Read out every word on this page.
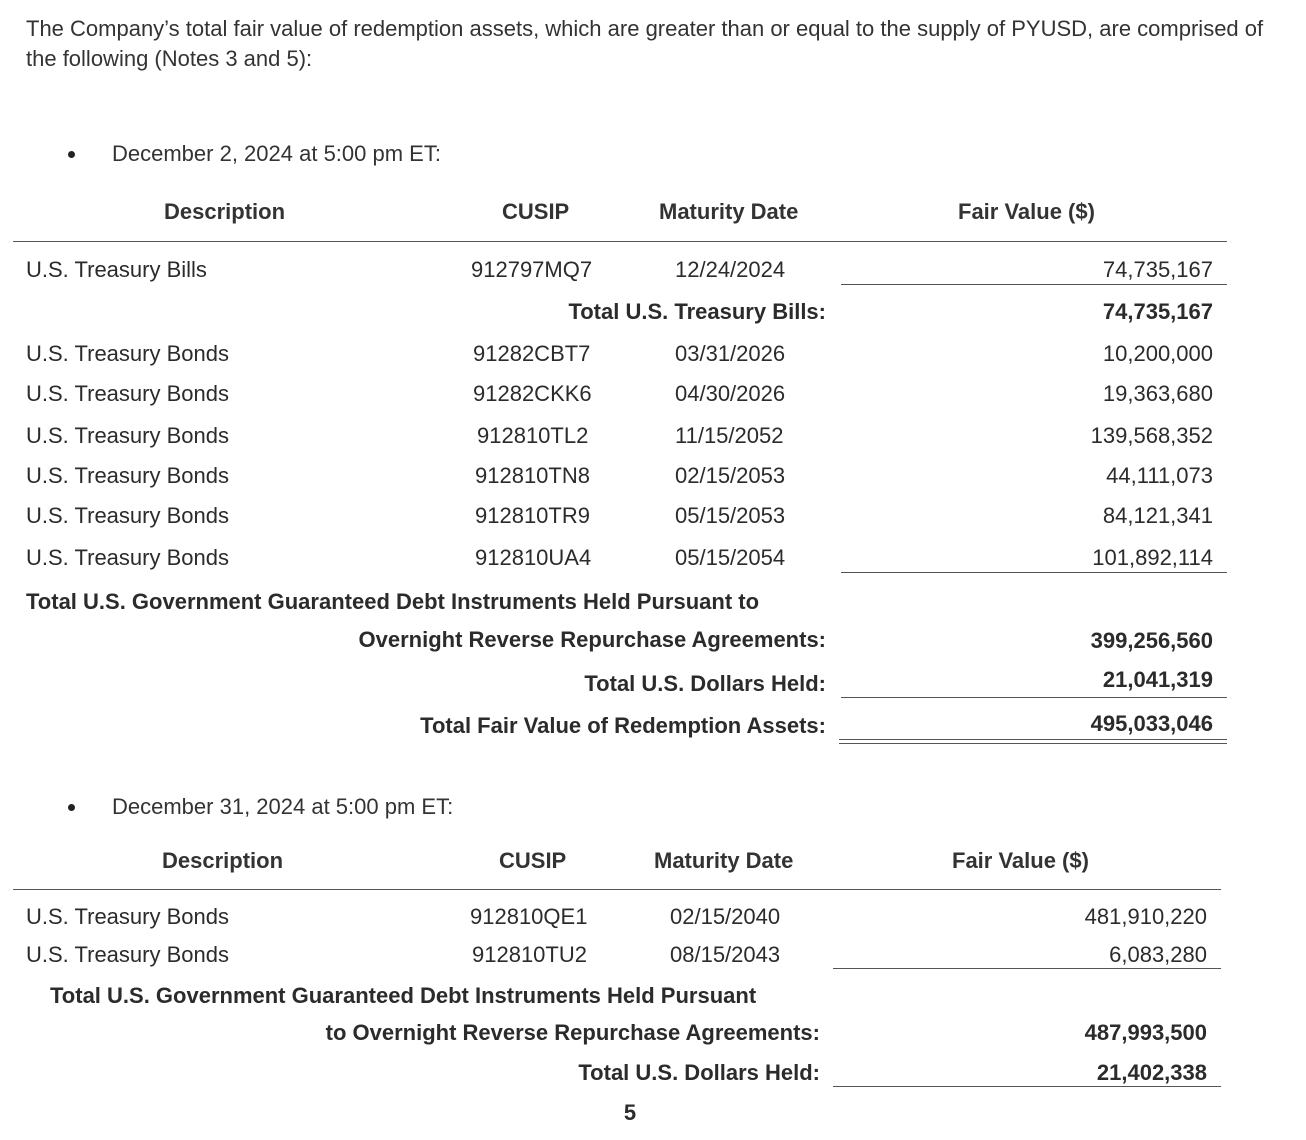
The Company’s total fair value of redemption assets, which are greater than or equal to the supply of PYUSD, are comprised of the following (Notes 3 and 5):
December 2, 2024 at 5:00 pm ET:
Description	CUSIP	Maturity Date	Fair Value ($)
U.S. Treasury Bills	912797MQ7	12/24/2024	74,735,167
Total U.S. Treasury Bills:	74,735,167
U.S. Treasury Bonds	91282CBT7	03/31/2026	10,200,000
U.S. Treasury Bonds	91282CKK6	04/30/2026	19,363,680
U.S. Treasury Bonds	912810TL2	11/15/2052	139,568,352
U.S. Treasury Bonds	912810TN8	02/15/2053	44,111,073
U.S. Treasury Bonds	912810TR9	05/15/2053	84,121,341
U.S. Treasury Bonds	912810UA4	05/15/2054	101,892,114
Total U.S. Government Guaranteed Debt Instruments Held Pursuant to
Overnight Reverse Repurchase Agreements:	399,256,560
Total U.S. Dollars Held:	21,041,319
Total Fair Value of Redemption Assets:	495,033,046
December 31, 2024 at 5:00 pm ET:
Description	CUSIP	Maturity Date	Fair Value ($)
U.S. Treasury Bonds	912810QE1	02/15/2040	481,910,220
U.S. Treasury Bonds	912810TU2	08/15/2043	6,083,280
Total U.S. Government Guaranteed Debt Instruments Held Pursuant
to Overnight Reverse Repurchase Agreements:	487,993,500
Total U.S. Dollars Held:	21,402,338
5
